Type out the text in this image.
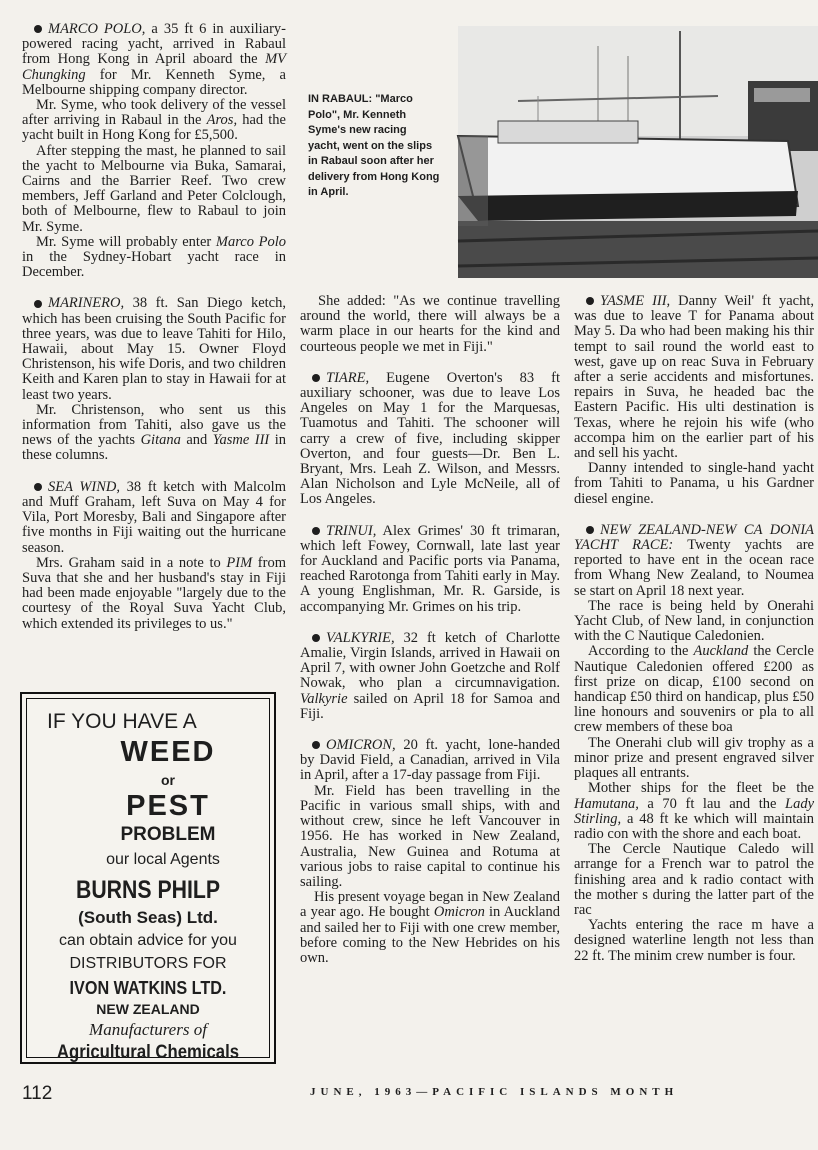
MARCO POLO, a 35 ft 6 in auxiliary-powered racing yacht, arrived in Rabaul from Hong Kong in April aboard the MV Chungking for Mr. Kenneth Syme, a Melbourne shipping company director.

Mr. Syme, who took delivery of the vessel after arriving in Rabaul in the Aros, had the yacht built in Hong Kong for £5,500.

After stepping the mast, he planned to sail the yacht to Melbourne via Buka, Samarai, Cairns and the Barrier Reef. Two crew members, Jeff Garland and Peter Colclough, both of Melbourne, flew to Rabaul to join Mr. Syme.

Mr. Syme will probably enter Marco Polo in the Sydney-Hobart yacht race in December.

MARINERO, 38 ft. San Diego ketch, which has been cruising the South Pacific for three years, was due to leave Tahiti for Hilo, Hawaii, about May 15. Owner Floyd Christenson, his wife Doris, and two children Keith and Karen plan to stay in Hawaii for at least two years.

Mr. Christenson, who sent us this information from Tahiti, also gave us the news of the yachts Gitana and Yasme III in these columns.

SEA WIND, 38 ft ketch with Malcolm and Muff Graham, left Suva on May 4 for Vila, Port Moresby, Bali and Singapore after five months in Fiji waiting out the hurricane season.

Mrs. Graham said in a note to PIM from Suva that she and her husband's stay in Fiji had been made enjoyable "largely due to the courtesy of the Royal Suva Yacht Club, which extended its privileges to us."

IN RABAUL: "Marco Polo", Mr. Kenneth Syme's new racing yacht, went on the slips in Rabaul soon after her delivery from Hong Kong in April.
IF YOU HAVE A
WEED
or
PEST
PROBLEM
our local Agents
BURNS PHILP
(South Seas) Ltd.
can obtain advice for you
DISTRIBUTORS FOR
IVON WATKINS LTD.
NEW ZEALAND
Manufacturers of
Agricultural Chemicals

She added: "As we continue travelling around the world, there will always be a warm place in our hearts for the kind and courteous people we met in Fiji."

TIARE, Eugene Overton's 83 ft auxiliary schooner, was due to leave Los Angeles on May 1 for the Marquesas, Tuamotus and Tahiti. The schooner will carry a crew of five, including skipper Overton, and four guests—Dr. Ben L. Bryant, Mrs. Leah Z. Wilson, and Messrs. Alan Nicholson and Lyle McNeile, all of Los Angeles.

TRINUI, Alex Grimes' 30 ft trimaran, which left Fowey, Cornwall, late last year for Auckland and Pacific ports via Panama, reached Rarotonga from Tahiti early in May. A young Englishman, Mr. R. Garside, is accompanying Mr. Grimes on his trip.

VALKYRIE, 32 ft ketch of Charlotte Amalie, Virgin Islands, arrived in Hawaii on April 7, with owner John Goetzche and Rolf Nowak, who plan a circumnavigation. Valkyrie sailed on April 18 for Samoa and Fiji.

OMICRON, 20 ft. yacht, lone-handed by David Field, a Canadian, arrived in Vila in April, after a 17-day passage from Fiji.

Mr. Field has been travelling in the Pacific in various small ships, with and without crew, since he left Vancouver in 1956. He has worked in New Zealand, Australia, New Guinea and Rotuma at various jobs to raise capital to continue his sailing.

His present voyage began in New Zealand a year ago. He bought Omicron in Auckland and sailed her to Fiji with one crew member, before coming to the New Hebrides on his own.

YASME III, Danny Weil' ft yacht, was due to leave T for Panama about May 5. Da who had been making his thir tempt to sail round the world east to west, gave up on reac Suva in February after a serie accidents and misfortunes. repairs in Suva, he headed bac the Eastern Pacific. His ulti destination is Texas, where he rejoin his wife (who accompa him on the earlier part of his and sell his yacht.

Danny intended to single-hand yacht from Tahiti to Panama, u his Gardner diesel engine.

NEW ZEALAND-NEW CA DONIA YACHT RACE: Twenty yachts are reported to have ent in the ocean race from Whang New Zealand, to Noumea se start on April 18 next year.

The race is being held by Onerahi Yacht Club, of New land, in conjunction with the C Nautique Caledonien.

According to the Auckland the Cercle Nautique Caledonien offered £200 as first prize on dicap, £100 second on handicap £50 third on handicap, plus £50 line honours and souvenirs or pla to all crew members of these boa

The Onerahi club will giv trophy as a minor prize and present engraved silver plaques all entrants.

Mother ships for the fleet be the Hamutana, a 70 ft lau and the Lady Stirling, a 48 ft ke which will maintain radio con with the shore and each boat.

The Cercle Nautique Caledo will arrange for a French war to patrol the finishing area and k radio contact with the mother s during the latter part of the rac

Yachts entering the race m have a designed waterline length not less than 22 ft. The minim crew number is four.

112	JUNE, 1963—PACIFIC ISLANDS MONTH
